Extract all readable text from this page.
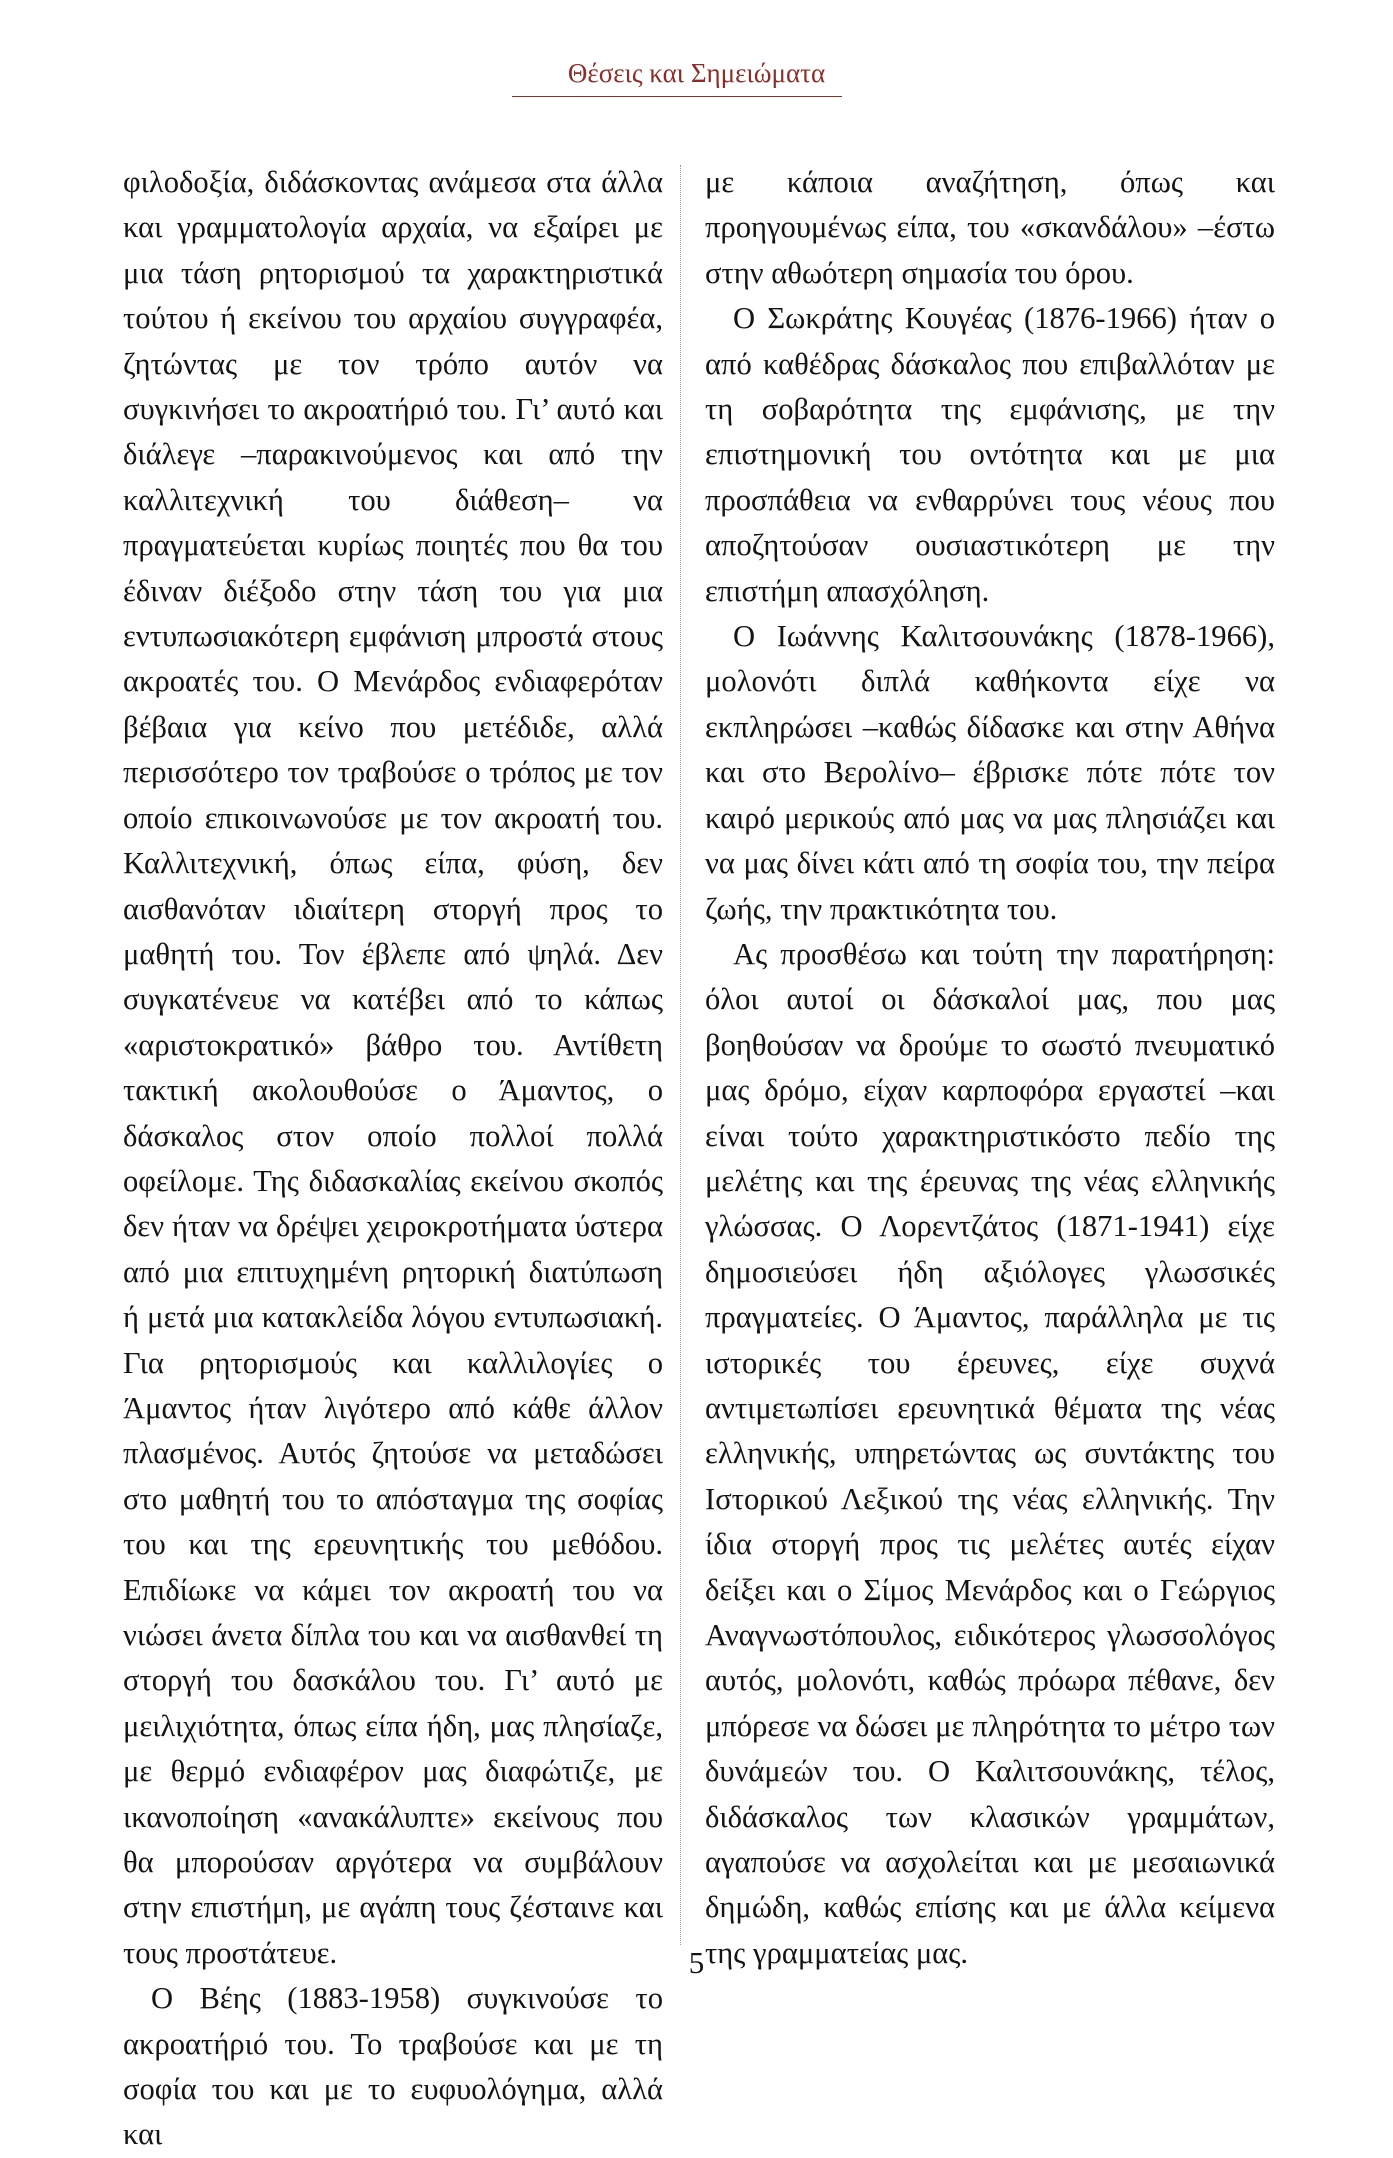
Θέσεις και Σημειώματα

φιλοδοξία, διδάσκοντας ανάμεσα στα άλλα και γραμματολογία αρχαία, να εξαίρει με μια τάση ρητορισμού τα χαρακτηριστικά τούτου ή εκείνου του αρχαίου συγγραφέα, ζητώντας με τον τρόπο αυτόν να συγκινήσει το ακροατήριό του. Γι’ αυτό και διάλεγε –παρακινούμενος και από την καλλιτεχνική του διάθεση– να πραγματεύεται κυρίως ποιητές που θα του έδιναν διέξοδο στην τάση του για μια εντυπωσιακότερη εμφάνιση μπροστά στους ακροατές του. Ο Μενάρδος ενδιαφερόταν βέβαια για κείνο που μετέδιδε, αλλά περισσότερο τον τραβούσε ο τρόπος με τον οποίο επικοινωνούσε με τον ακροατή του. Καλλιτεχνική, όπως είπα, φύση, δεν αισθανόταν ιδιαίτερη στοργή προς το μαθητή του. Τον έβλεπε από ψηλά. Δεν συγκατένευε να κατέβει από το κάπως «αριστοκρατικό» βάθρο του. Αντίθετη τακτική ακολουθούσε ο Άμαντος, ο δάσκαλος στον οποίο πολλοί πολλά οφείλομε. Της διδασκαλίας εκείνου σκοπός δεν ήταν να δρέψει χειροκροτήματα ύστερα από μια επιτυχημένη ρητορική διατύπωση ή μετά μια κατακλείδα λόγου εντυπωσιακή. Για ρητορισμούς και καλλιλογίες ο Άμαντος ήταν λιγότερο από κάθε άλλον πλασμένος. Αυτός ζητούσε να μεταδώσει στο μαθητή του το απόσταγμα της σοφίας του και της ερευνητικής του μεθόδου. Επιδίωκε να κάμει τον ακροατή του να νιώσει άνετα δίπλα του και να αισθανθεί τη στοργή του δασκάλου του. Γι’ αυτό με μειλιχιότητα, όπως είπα ήδη, μας πλησίαζε, με θερμό ενδιαφέρον μας διαφώτιζε, με ικανοποίηση «ανακάλυπτε» εκείνους που θα μπορούσαν αργότερα να συμβάλουν στην επιστήμη, με αγάπη τους ζέσταινε και τους προστάτευε.

Ο Βέης (1883-1958) συγκινούσε το ακροατήριό του. Το τραβούσε και με τη σοφία του και με το ευφυολόγημα, αλλά και

με κάποια αναζήτηση, όπως και προηγουμένως είπα, του «σκανδάλου» –έστω στην αθωότερη σημασία του όρου.

Ο Σωκράτης Κουγέας (1876-1966) ήταν ο από καθέδρας δάσκαλος που επιβαλλόταν με τη σοβαρότητα της εμφάνισης, με την επιστημονική του οντότητα και με μια προσπάθεια να ενθαρρύνει τους νέους που αποζητούσαν ουσιαστικότερη με την επιστήμη απασχόληση.

Ο Ιωάννης Καλιτσουνάκης (1878-1966), μολονότι διπλά καθήκοντα είχε να εκπληρώσει –καθώς δίδασκε και στην Αθήνα και στο Βερολίνο– έβρισκε πότε πότε τον καιρό μερικούς από μας να μας πλησιάζει και να μας δίνει κάτι από τη σοφία του, την πείρα ζωής, την πρακτικότητα του.

Ας προσθέσω και τούτη την παρατήρηση: όλοι αυτοί οι δάσκαλοί μας, που μας βοηθούσαν να δρούμε το σωστό πνευματικό μας δρόμο, είχαν καρποφόρα εργαστεί –και είναι τούτο χαρακτηριστικόστο πεδίο της μελέτης και της έρευνας της νέας ελληνικής γλώσσας. Ο Λορεντζάτος (1871-1941) είχε δημοσιεύσει ήδη αξιόλογες γλωσσικές πραγματείες. Ο Άμαντος, παράλληλα με τις ιστορικές του έρευνες, είχε συχνά αντιμετωπίσει ερευνητικά θέματα της νέας ελληνικής, υπηρετώντας ως συντάκτης του Ιστορικού Λεξικού της νέας ελληνικής. Την ίδια στοργή προς τις μελέτες αυτές είχαν δείξει και ο Σίμος Μενάρδος και ο Γεώργιος Αναγνωστόπουλος, ειδικότερος γλωσσολόγος αυτός, μολονότι, καθώς πρόωρα πέθανε, δεν μπόρεσε να δώσει με πληρότητα το μέτρο των δυνάμεών του. Ο Καλιτσουνάκης, τέλος, διδάσκαλος των κλασικών γραμμάτων, αγαπούσε να ασχολείται και με μεσαιωνικά δημώδη, καθώς επίσης και με άλλα κείμενα της γραμματείας μας.

5
